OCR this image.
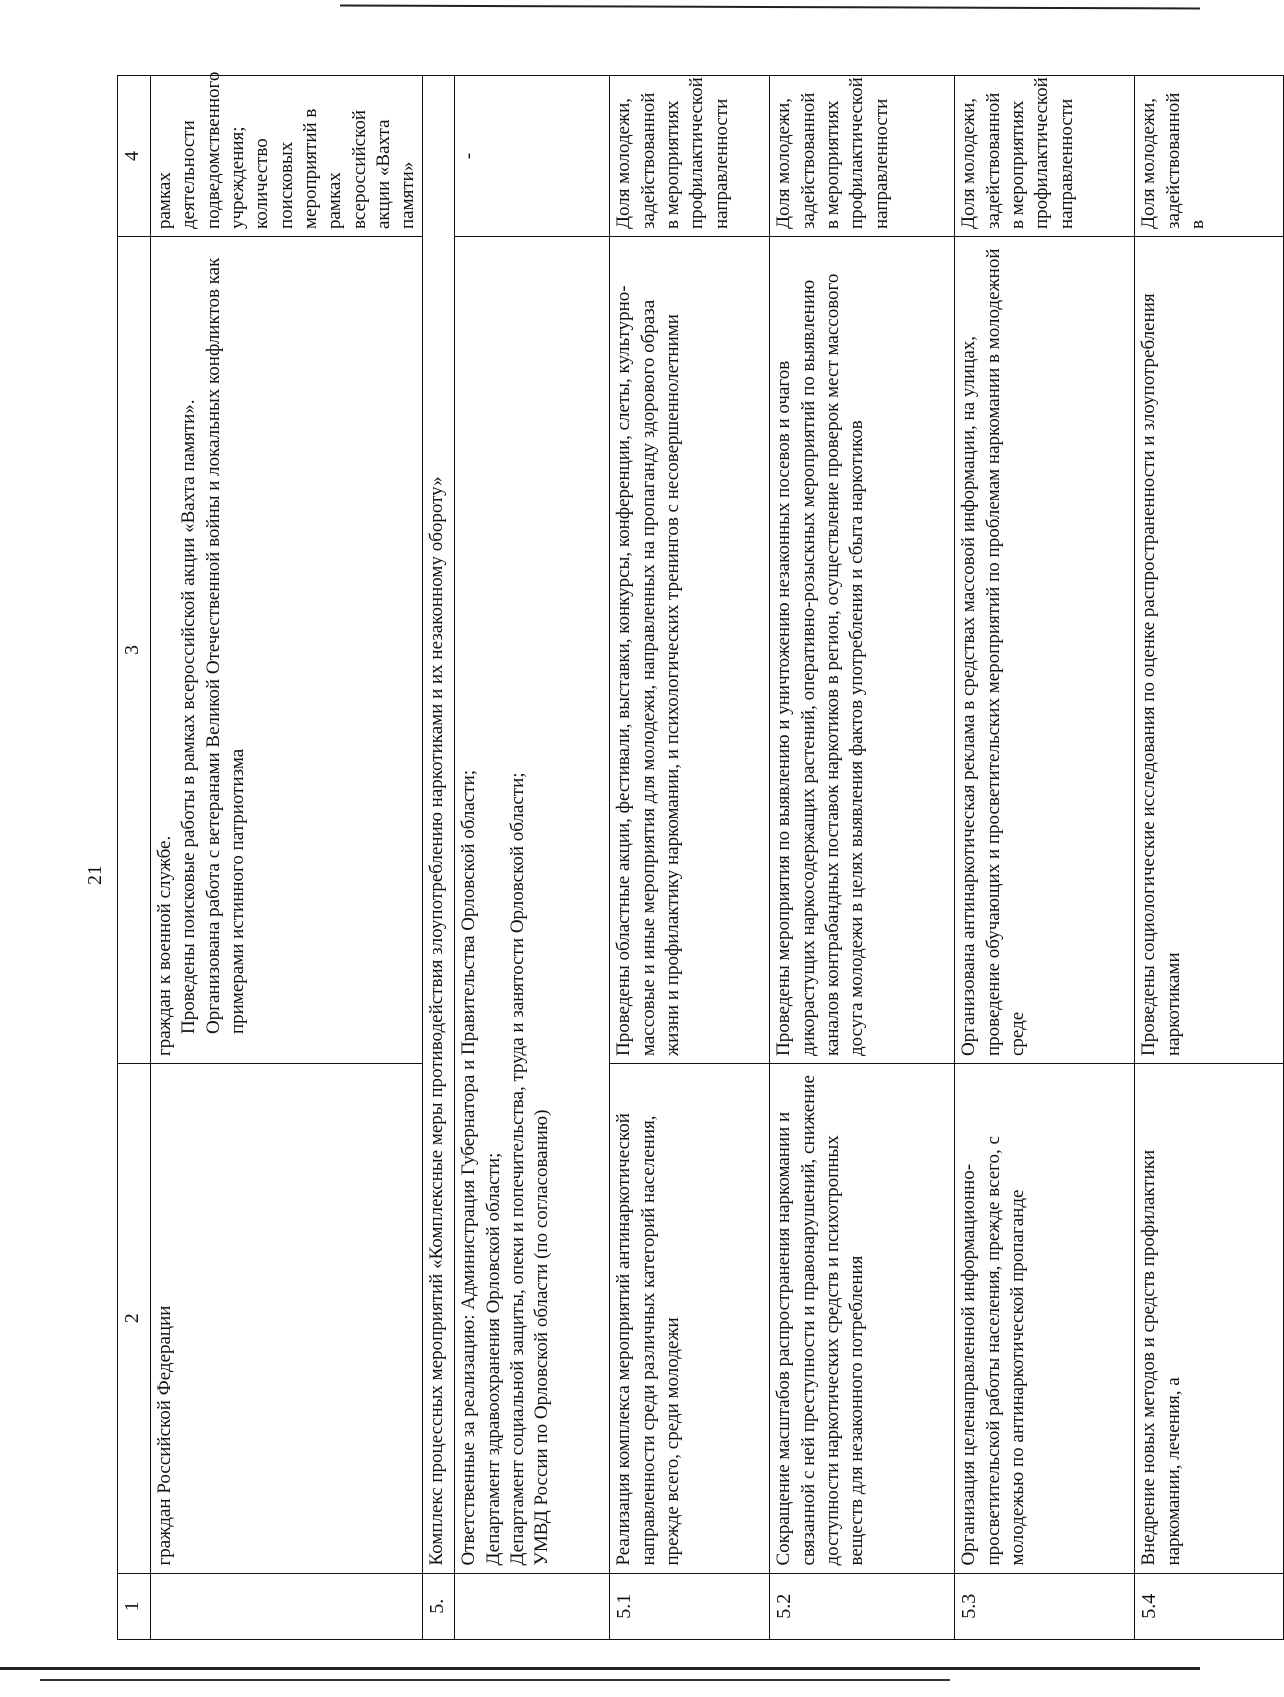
21
1	2	3	4
	граждан Российской Федерации	граждан к военной службе. Проведены поисковые работы в рамках всероссийской акции «Вахта памяти». Организована работа с ветеранами Великой Отечественной войны и локальных конфликтов как примерами истинного патриотизма	рамках деятельности подведомственного учреждения; количество поисковых мероприятий в рамках всероссийской акции «Вахта памяти»
5.	Комплекс процессных мероприятий «Комплексные меры противодействия злоупотреблению наркотиками и их незаконному обороту»		

	Ответственные за реализацию: Администрация Губернатора и Правительства Орловской области; Департамент здравоохранения Орловской области; Департамент социальной защиты, опеки и попечительства, труда и занятости Орловской области; УМВД России по Орловской области (по согласованию)		-
5.1	Реализация комплекса мероприятий антинаркотической направленности среди различных категорий населения, прежде всего, среди молодежи	Проведены областные акции, фестивали, выставки, конкурсы, конференции, слеты, культурно-массовые и иные мероприятия для молодежи, направленных на пропаганду здорового образа жизни и профилактику наркомании, и психологических тренингов с несовершеннолетними	Доля молодежи, задействованной в мероприятиях профилактической направленности
5.2	Сокращение масштабов распространения наркомании и связанной с ней преступности и правонарушений, снижение доступности наркотических средств и психотропных веществ для незаконного потребления	Проведены мероприятия по выявлению и уничтожению незаконных посевов и очагов дикорастущих наркосодержащих растений, оперативно-розыскных мероприятий по выявлению каналов контрабандных поставок наркотиков в регион, осуществление проверок мест массового досуга молодежи в целях выявления фактов употребления и сбыта наркотиков	Доля молодежи, задействованной в мероприятиях профилактической направленности
5.3	Организация целенаправленной информационно-просветительской работы населения, прежде всего, с молодежью по антинаркотической пропаганде	Организована антинаркотическая реклама в средствах массовой информации, на улицах, проведение обучающих и просветительских мероприятий по проблемам наркомании в молодежной среде	Доля молодежи, задействованной в мероприятиях профилактической направленности
5.4	Внедрение новых методов и средств профилактики наркомании, лечения, а	Проведены социологические исследования по оценке распространенности и злоупотребления наркотиками	Доля молодежи, задействованной в
